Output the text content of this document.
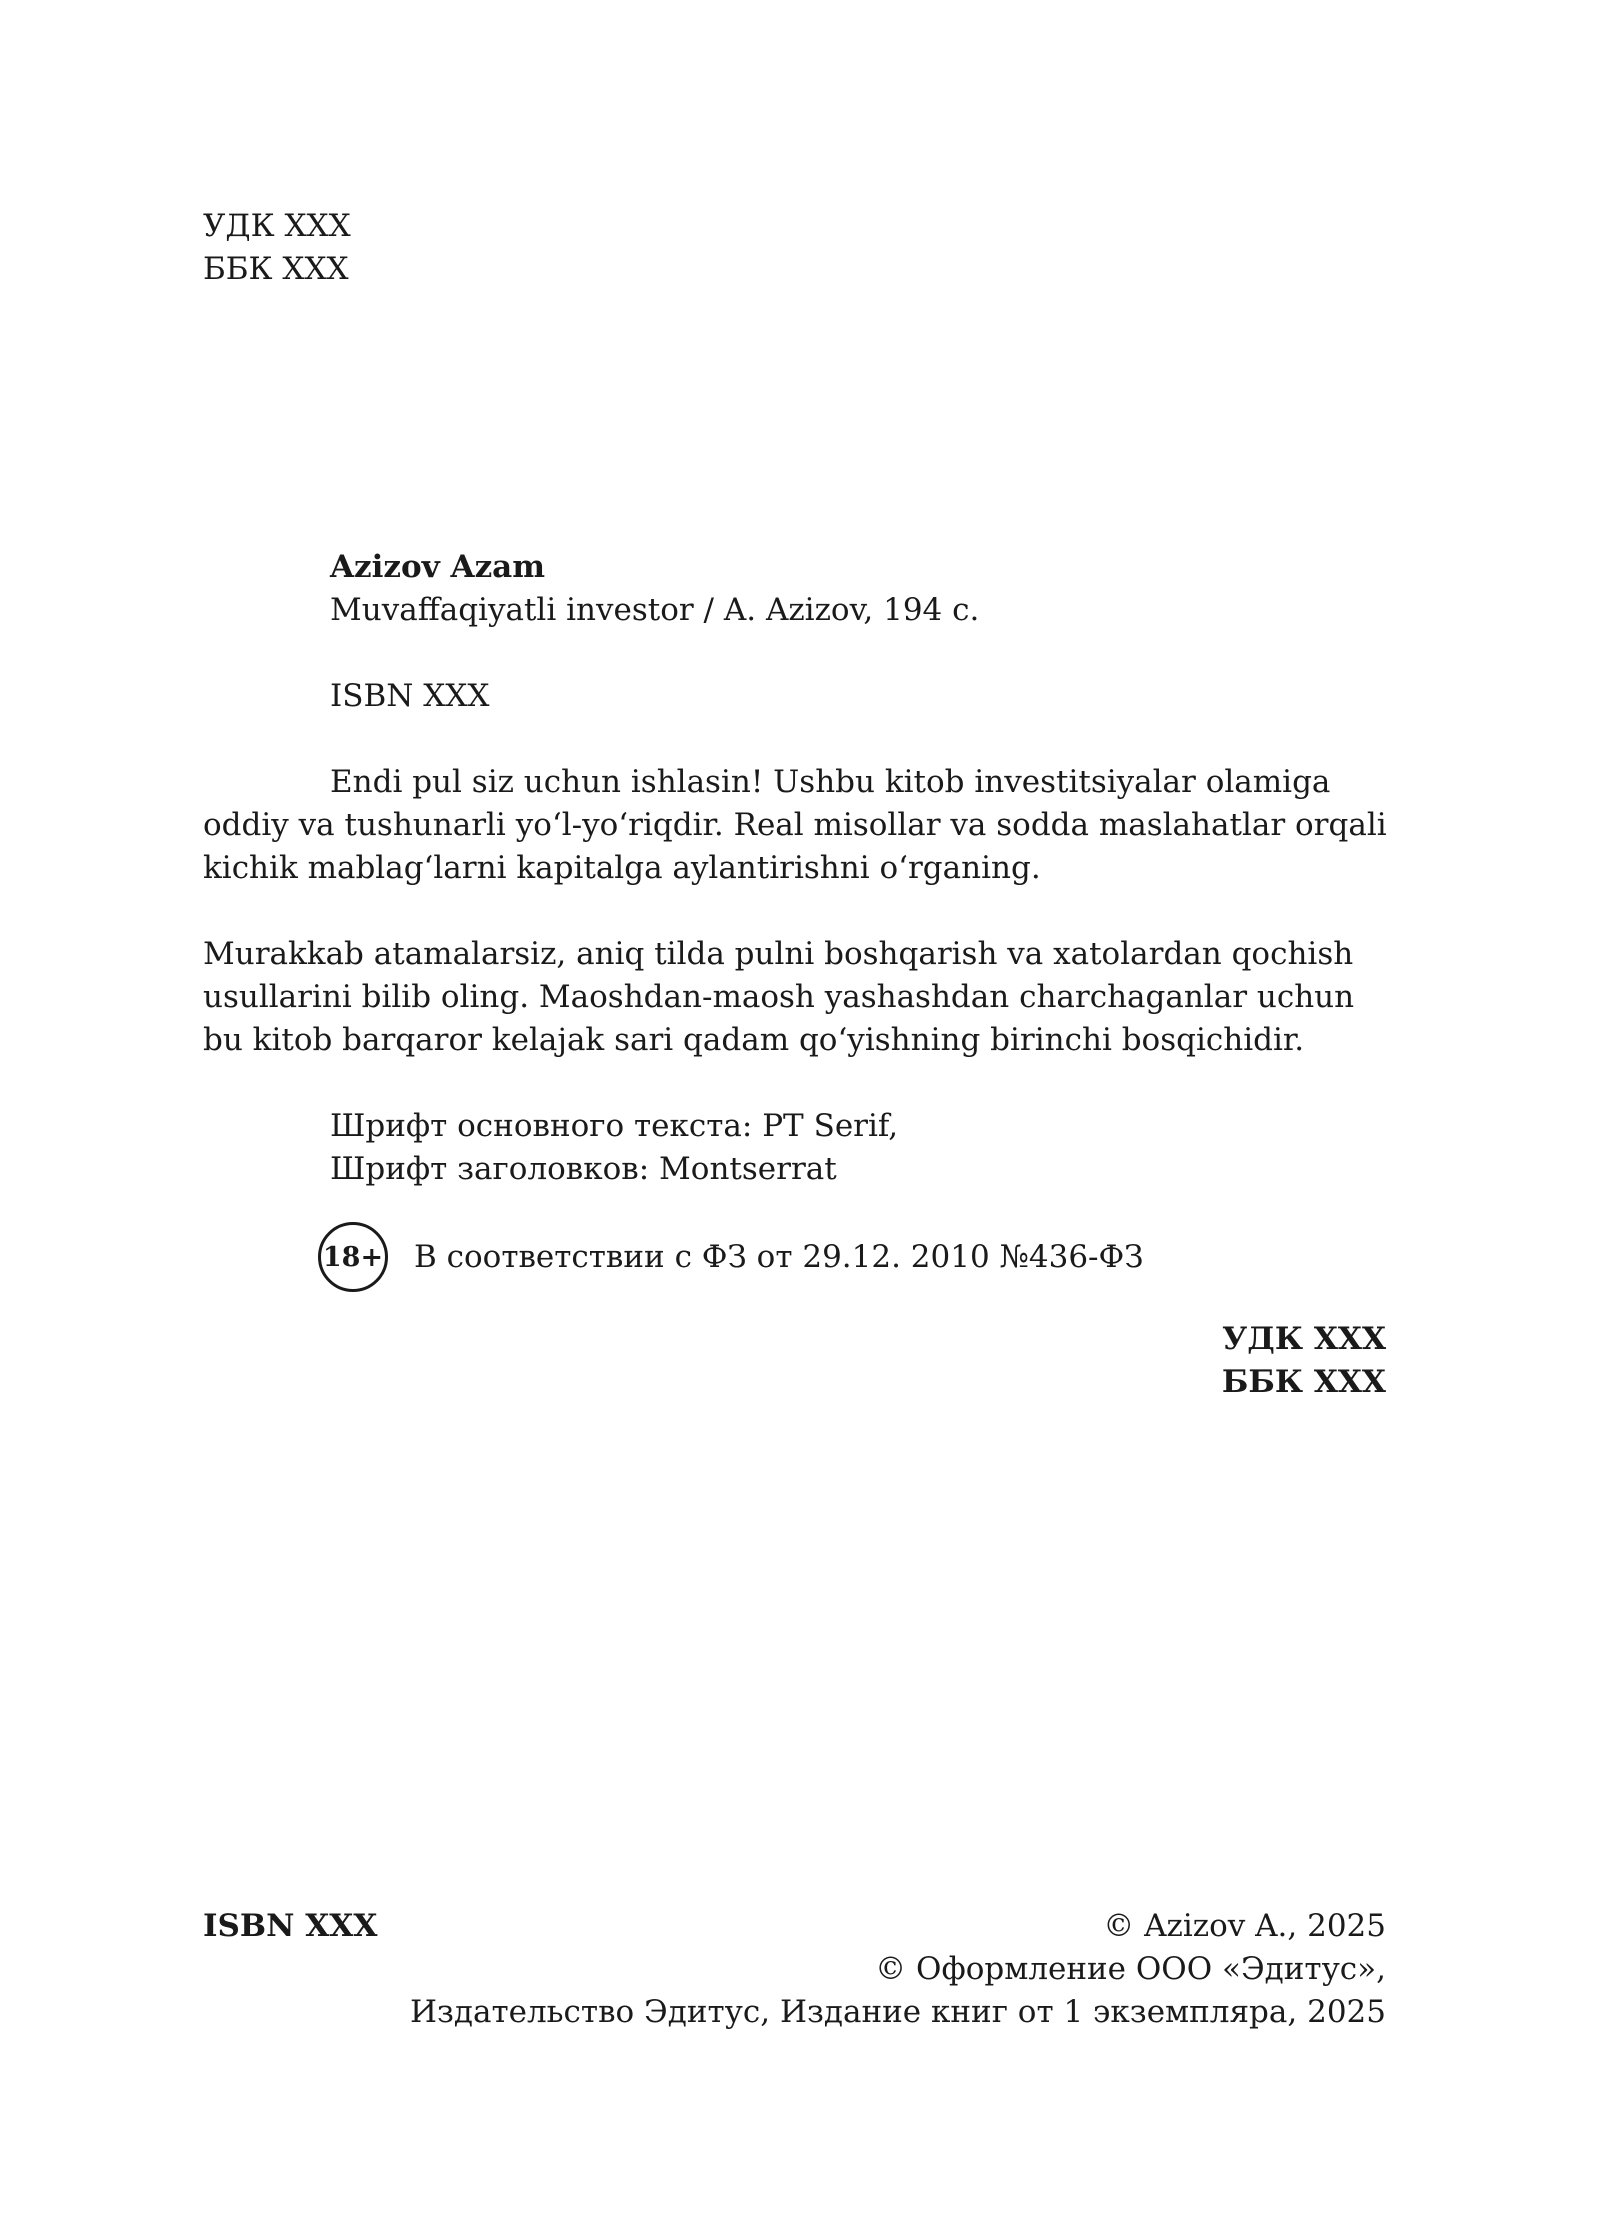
УДК XXX
ББК XXX
Azizov Azam
Muvaffaqiyatli investor / A. Azizov, 194 с.
ISBN XXX
Endi pul siz uchun ishlasin! Ushbu kitob investitsiyalar olamiga
oddiy va tushunarli yoʻl-yoʻriqdir. Real misollar va sodda maslahatlar orqali
kichik mablagʻlarni kapitalga aylantirishni oʻrganing.
Murakkab atamalarsiz, aniq tilda pulni boshqarish va xatolardan qochish
usullarini bilib oling. Maoshdan-maosh yashashdan charchaganlar uchun
bu kitob barqaror kelajak sari qadam qoʻyishning birinchi bosqichidir.
Шрифт основного текста: PT Serif,
Шрифт заголовков: Montserrat
18+ В соответствии с ФЗ от 29.12. 2010 №436-ФЗ
УДК XXX
ББК XXX
ISBN XXX	© Azizov A., 2025
© Оформление ООО «Эдитус»,
Издательство Эдитус, Издание книг от 1 экземпляра, 2025
